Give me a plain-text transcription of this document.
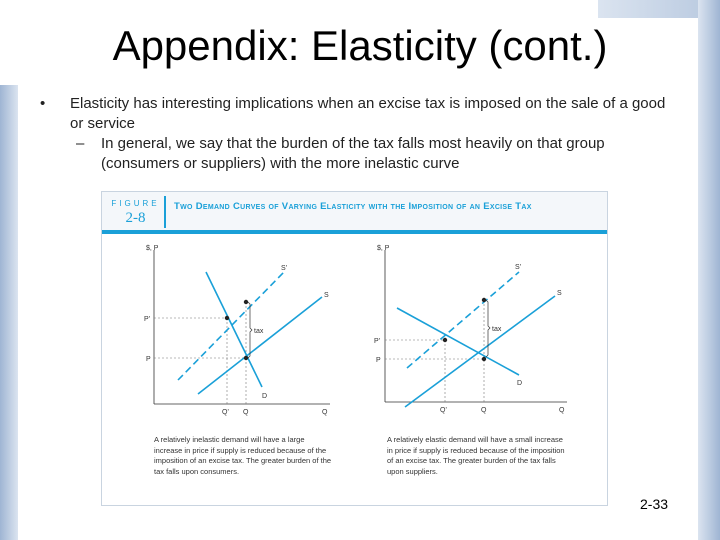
Appendix: Elasticity (cont.)
• Elasticity has interesting implications when an excise tax is imposed on the sale of a good or service
– In general, we say that the burden of the tax falls most heavily on that group (consumers or suppliers) with the more inelastic curve
FIGURE
2-8
Two Demand Curves of Varying Elasticity with the Imposition of an Excise Tax
$, P
Q
tax
P'
P
Q' Q
S'
S
D
$, P
Q
tax
P'
P
Q'	Q
S'
S
D
A relatively inelastic demand will have a large increase in price if supply is reduced because of the imposition of an excise tax. The greater burden of the tax falls upon consumers.
A relatively elastic demand will have a small increase in price if supply is reduced because of the imposition of an excise tax. The greater burden of the tax falls upon suppliers.
2-33
